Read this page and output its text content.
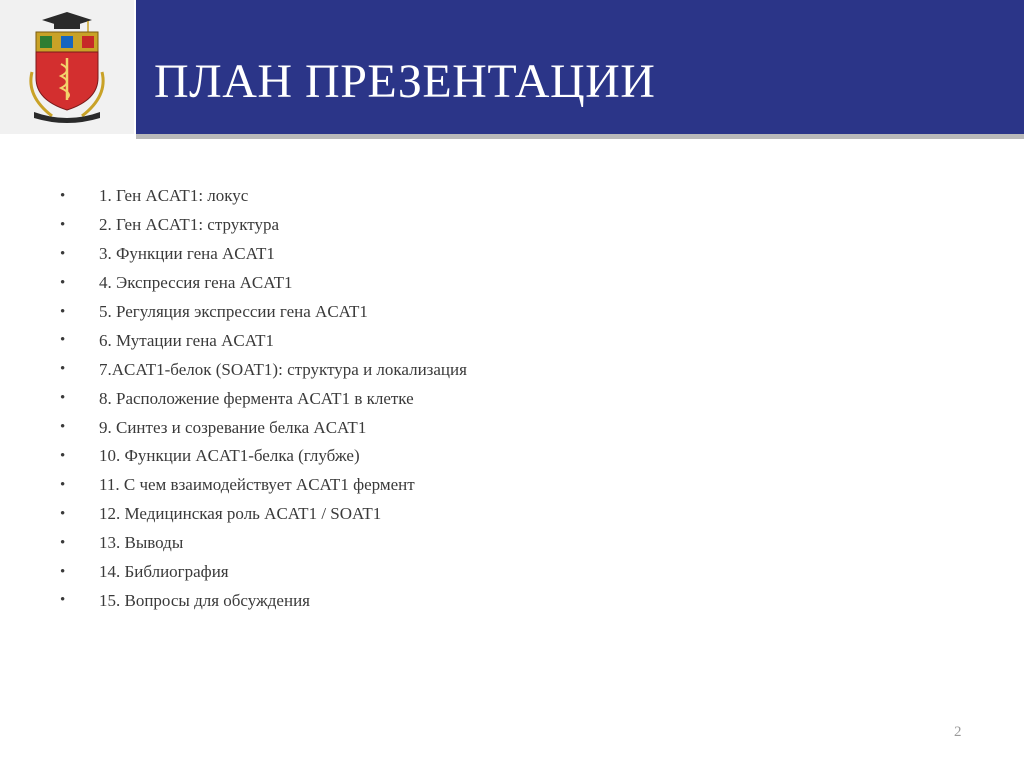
ПЛАН ПРЕЗЕНТАЦИИ
•	1. Ген ACAT1: локус
•	2. Ген ACAT1: структура
•	3. Функции гена ACAT1
•	4. Экспрессия гена ACAT1
•	5. Регуляция экспрессии гена ACAT1
•	6. Мутации гена ACAT1
•	7.ACAT1-белок (SOAT1): структура и локализация
•	8. Расположение фермента ACAT1 в клетке
•	9. Синтез и созревание белка ACAT1
•	10. Функции ACAT1-белка (глубже)
•	11. С чем взаимодействует ACAT1 фермент
•	12. Медицинская роль ACAT1 / SOAT1
•	13. Выводы
•	14. Библиография
•	15. Вопросы для обсуждения
2
